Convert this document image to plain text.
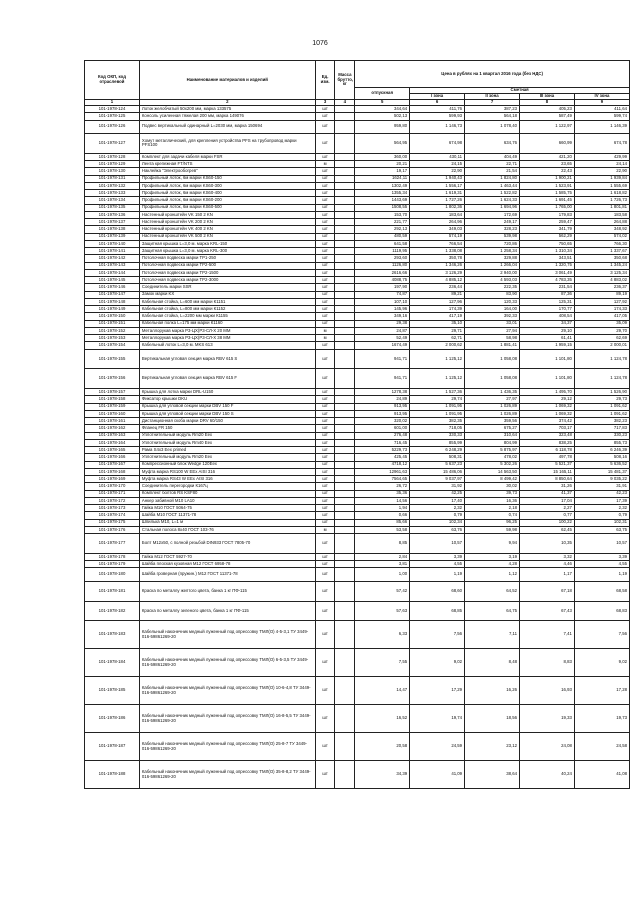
1076
Код ОКП, код отраслевой	Наименование материалов и изделий	Ед. изм.	Масса брутто, кг	Цена в рублях на 1 квартал 2016 года (без НДС)				
				отпускная	Сметная			
					I зона	II зона	III зона	IV зона
1	2	3	4	5	6	7	8	9
101-1978-124	Лоток желобчатый 50х200 мм, марка 133575	шт		344,64	411,76	387,23	405,23	411,64
101-1978-125	Консоль усиленная тяжелая 200 мм, марка 149076	шт		502,13	599,93	564,18	587,49	599,74
101-1978-126	Подвес вертикальный одинарный L=2030 мм, марка 150694	шт		959,80	1 146,73	1 078,40	1 122,97	1 146,39
101-1978-127	Хомут металлический, для крепления устройства PFS на трубопровод марки PFS100	шт		564,95	674,98	634,76	660,99	674,78
101-1978-128	Комплект для задачи кабеля марки FSR	шт		360,00	430,11	404,49	421,20	429,99
101-1978-129	Лента крепежная FT/NTS	м		20,21	24,15	22,71	23,65	24,14
101-1978-130	Наклейка "Электрообогрев"	шт		19,17	22,90	21,54	22,43	22,90
101-1978-131	Профильный лоток, 6м марки KS60-150	шт		1624,11	1 940,43	1 824,80	1 900,21	1 939,84
101-1978-132	Профильный лоток, 6м марки KS60-300	шт		1302,49	1 556,17	1 463,44	1 523,91	1 555,69
101-1978-133	Профильный лоток, 6м марки KS60-400	шт		1355,34	1 619,31	1 522,82	1 585,75	1 618,82
101-1978-134	Профильный лоток, 6м марки KS60-200	шт		1443,69	1 727,26	1 624,33	1 691,45	1 726,73
101-1978-135	Профильный лоток, 6м марки KS60-500	шт		1508,55	1 802,36	1 694,96	1 765,00	1 801,81
101-1978-136	Настенный кронштейн VK 150 2 KN	шт		153,70	183,64	172,69	179,83	183,58
101-1978-137	Настенный кронштейн VK 200 2 KN	шт		221,77	264,96	249,17	259,47	264,88
101-1978-138	Настенный кронштейн VK 400 2 KN	шт		292,13	349,03	328,23	341,79	348,92
101-1978-139	Настенный кронштейн VK 500 2 KN	шт		480,59	574,19	539,98	562,29	574,02
101-1978-140	Защитная крышка L=3,0 м. марка KRL-150	шт		641,58	766,54	720,86	750,65	766,30
101-1978-141	Защитная крышка L=3,0 м. марка KRL-300	шт		1119,95	1 338,08	1 258,34	1 310,34	1 337,67
101-1978-142	Потолочная подвеска марки ТР1-250	шт		293,60	350,78	329,88	343,51	350,68
101-1978-143	Потолочная подвеска марки ТР2-500	шт		1126,80	1 346,26	1 266,04	1 320,75	1 345,24
101-1978-144	Потолочная подвеска марки ТР2-1500	шт		2616,66	3 126,29	2 940,00	3 061,49	3 125,34
101-1978-145	Потолочная подвеска марки ТР2-3000	шт		4088,75	4 885,12	4 593,03	4 783,35	4 883,02
101-1978-146	Соединитель марки SSR	шт		197,90	236,44	222,35	231,54	236,37
101-1978-147	Замок марки KX	шт		74,87	89,21	83,90	87,36	89,19
101-1978-148	Кабельная стойка, L=600 мм марки К1151	шт		107,10	127,96	120,33	125,31	127,92
101-1978-149	Кабельная стойка, L=800 мм марки К1152	шт		145,96	174,39	164,00	170,77	174,33
101-1978-150	Кабельная стойка, L=2200 мм марки К1155	шт		349,16	417,19	392,33	408,54	417,05
101-1978-151	Кабельная полка L=175 мм марки К1160	шт		29,38	35,10	33,01	34,37	35,09
101-1978-152	Металлорукав марка Р3-ЦХ(Р3-СЛ-Х 20 ММ	м		24,87	29,71	27,94	29,10	29,70
101-1978-153	Металлорукав марка Р3-ЦХ(Р3-СЛ-Х 38 ММ	м		52,49	62,71	58,98	61,41	62,69
101-1978-154	Кабельный лоток L=3,0 м. MKS 613	шт		1674,49	2 000,62	1 881,41	1 959,15	2 000,01
101-1978-155	Вертикальная угловая секция марка RBV 615 S	шт		941,71	1 125,12	1 058,08	1 101,80	1 124,78
101-1978-156	Вертикальная угловая секция марка RBV 615 F	шт		941,71	1 125,12	1 058,08	1 101,80	1 124,78
101-1978-157	Крышка для лотка марки DRL-U150	шт		1278,38	1 527,36	1 436,35	1 495,70	1 526,90
101-1978-158	Фиксатор крышки DKU	шт		24,89	29,74	27,97	29,12	29,73
101-1978-159	Крышка для угловой секции марки DBV 150 F	шт		913,95	1 091,95	1 026,89	1 069,32	1 091,62
101-1978-160	Крышка для угловой секции марки DBV 150 S	шт		913,95	1 091,95	1 026,89	1 069,32	1 091,62
101-1978-161	Дистанционная скоба марки DRV 60/150	шт		320,02	382,35	359,56	374,42	382,23
101-1978-162	Фланец FR 150	шт		601,00	718,05	675,27	703,17	717,83
101-1978-163	Уплотнительный модуль Rm20 Еех	шт		276,48	330,33	310,64	323,48	330,23
101-1978-164	Уплотнительный модуль Rm40 Еех	шт		716,45	855,99	804,99	838,25	855,73
101-1978-165	Рама S4х3 Еех primed	шт		5229,73	6 248,29	5 875,97	6 118,78	6 246,39
101-1978-166	Уплотнительный модуль Rm20 Еех	шт		425,45	508,31	478,02	497,78	508,16
101-1978-167	Компрессионный блок Wedge 120Еех	шт		4718,12	5 637,23	5 302,26	5 521,37	5 636,52
101-1978-168	Муфта марка RS100 W ЕЕх AISI 316	шт		12961,63	15 486,06	14 563,50	15 165,11	15 481,37
101-1978-169	Муфта марка RS43 W ЕЕх AISI 316	шт		7564,65	9 037,97	8 499,42	8 850,64	9 035,22
101-1978-170	Соединитель перегородки К167ц	шт		26,72	31,92	30,02	31,26	31,91
101-1978-171	Комплект болтов RS KSF80	шт		35,36	42,25	39,73	41,37	42,23
101-1978-172	Анкер забивной М10 LA10	шт		14,56	17,40	16,36	17,04	17,39
101-1978-173	Гайка М10 ГОСТ 5064-75	шт		1,94	2,32	2,18	2,27	2,32
101-1978-174	Шайба М10 ГОСТ 11371-78	шт		0,66	0,79	0,74	0,77	0,79
101-1978-175	Шпилька М10, L=1 м	шт		85,66	102,34	96,25	100,22	102,31
101-1978-176	Стальная полоса 8х40 ГОСТ 103-76	м		53,58	63,76	59,98	62,45	63,75
101-1978-177	Болт М12х50, с полной резьбой DIN933 ГОСТ 7805-70	шт		8,85	10,57	9,94	10,35	10,57
101-1978-178	Гайка М12 ГОСТ 5927-70	шт		2,84	3,39	3,19	3,32	3,39
101-1978-179	Шайба плоская кузовная М12 ГОСТ 6958-78	шт		3,81	4,55	4,28	4,46	4,55
101-1978-180	Шайба гроверная (пружин.) М12 ГОСТ 11371-78	шт		1,00	1,19	1,12	1,17	1,19
101-1978-181	Краска по металлу желтого цвета, банка 1 кг ПФ-115	шт		57,42	68,60	64,52	67,18	68,58
101-1978-182	Краска по металлу зеленого цвета, банка 1 кг ПФ-115	шт		57,63	68,85	64,75	67,43	68,83
101-1978-183	Кабельный наконечник медный луженный под опрессовку ТМЛ(О) 4-5-3,1 ТУ 3449-016-59861269-20	шт		6,33	7,56	7,11	7,41	7,56
101-1978-184	Кабельный наконечник медный луженный под опрессовку ТМЛ(О) 6-5-3,5 ТУ 3449-016-59861269-20	шт		7,55	9,02	8,48	8,83	9,02
101-1978-185	Кабельный наконечник медный луженный под опрессовку ТМЛ(О) 10-6-4,8 ТУ 3449-016-59861269-20	шт		14,47	17,29	16,26	16,93	17,28
101-1978-186	Кабельный наконечник медный луженный под опрессовку ТМЛ(О) 16-8-5,5 ТУ 3449-016-59861269-20	шт		16,52	19,74	18,56	19,33	19,73
101-1978-187	Кабельный наконечник медный луженный под опрессовку ТМЛ(О) 25-8-7 ТУ 3449-016-59861269-20	шт		20,58	24,59	23,12	24,08	24,58
101-1978-188	Кабельный наконечник медный луженный под опрессовку ТМЛ(О) 35-8-8,2 ТУ 3449-016-59861269-20	шт		34,39	41,09	38,64	40,24	41,08
